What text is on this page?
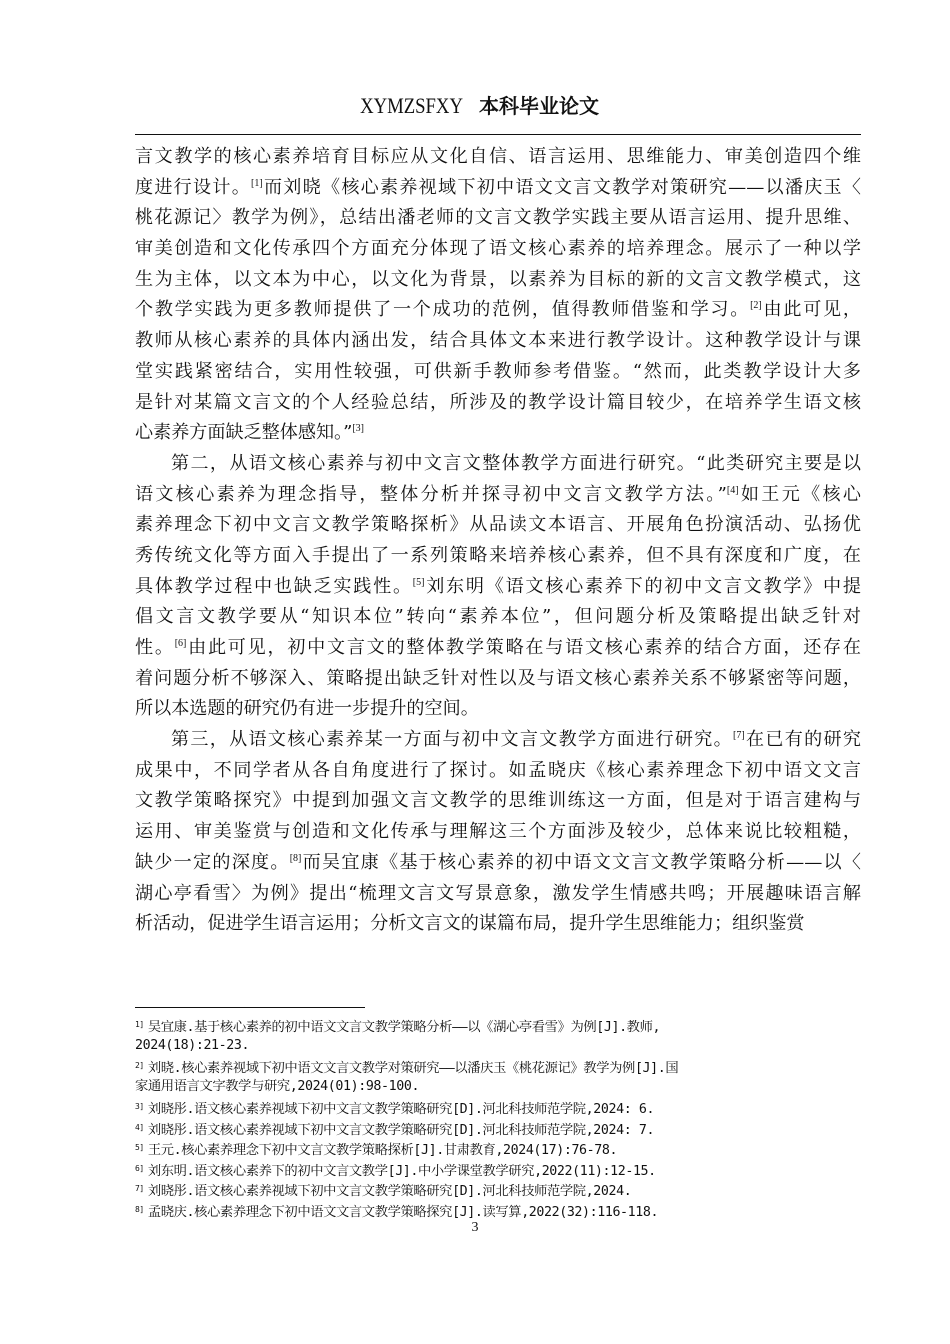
XYMZSFXY 本科毕业论文
言文教学的核心素养培育目标应从文化自信、语言运用、思维能力、审美创造四个维
度进行设计。[1]而刘晓《核心素养视域下初中语文文言文教学对策研究——以潘庆玉〈
桃花源记〉教学为例》，总结出潘老师的文言文教学实践主要从语言运用、提升思维、
审美创造和文化传承四个方面充分体现了语文核心素养的培养理念。展示了一种以学
生为主体，以文本为中心，以文化为背景，以素养为目标的新的文言文教学模式，这
个教学实践为更多教师提供了一个成功的范例，值得教师借鉴和学习。[2]由此可见，
教师从核心素养的具体内涵出发，结合具体文本来进行教学设计。这种教学设计与课
堂实践紧密结合，实用性较强，可供新手教师参考借鉴。“然而，此类教学设计大多
是针对某篇文言文的个人经验总结，所涉及的教学设计篇目较少，在培养学生语文核
心素养方面缺乏整体感知。”[3]
第二，从语文核心素养与初中文言文整体教学方面进行研究。“此类研究主要是以
语文核心素养为理念指导，整体分析并探寻初中文言文教学方法。”[4]如王元《核心
素养理念下初中文言文教学策略探析》从品读文本语言、开展角色扮演活动、弘扬优
秀传统文化等方面入手提出了一系列策略来培养核心素养，但不具有深度和广度，在
具体教学过程中也缺乏实践性。[5]刘东明《语文核心素养下的初中文言文教学》中提
倡文言文教学要从“知识本位”转向“素养本位”，但问题分析及策略提出缺乏针对
性。[6]由此可见，初中文言文的整体教学策略在与语文核心素养的结合方面，还存在
着问题分析不够深入、策略提出缺乏针对性以及与语文核心素养关系不够紧密等问题，
所以本选题的研究仍有进一步提升的空间。
第三，从语文核心素养某一方面与初中文言文教学方面进行研究。[7]在已有的研究
成果中，不同学者从各自角度进行了探讨。如孟晓庆《核心素养理念下初中语文文言
文教学策略探究》中提到加强文言文教学的思维训练这一方面，但是对于语言建构与
运用、审美鉴赏与创造和文化传承与理解这三个方面涉及较少，总体来说比较粗糙，
缺少一定的深度。[8]而吴宜康《基于核心素养的初中语文文言文教学策略分析——以〈
湖心亭看雪〉为例》提出“梳理文言文写景意象，激发学生情感共鸣；开展趣味语言解
析活动，促进学生语言运用；分析文言文的谋篇布局，提升学生思维能力；组织鉴赏
$^{1]}$ 吴宜康.基于核心素养的初中语文文言文教学策略分析——以《湖心亭看雪》为例[J].教师,
2024(18):21-23.
$^{2]}$ 刘晓.核心素养视域下初中语文文言文教学对策研究——以潘庆玉《桃花源记》教学为例[J].国
家通用语言文字教学与研究,2024(01):98-100.
$^{3]}$ 刘晓彤.语文核心素养视域下初中文言文教学策略研究[D].河北科技师范学院,2024: 6.
$^{4]}$ 刘晓彤.语文核心素养视域下初中文言文教学策略研究[D].河北科技师范学院,2024: 7.
$^{5]}$ 王元.核心素养理念下初中文言文教学策略探析[J].甘肃教育,2024(17):76-78.
$^{6]}$ 刘东明.语文核心素养下的初中文言文教学[J].中小学课堂教学研究,2022(11):12-15.
$^{7]}$ 刘晓彤.语文核心素养视域下初中文言文教学策略研究[D].河北科技师范学院,2024.
$^{8]}$ 孟晓庆.核心素养理念下初中语文文言文教学策略探究[J].读写算,2022(32):116-118.
3
